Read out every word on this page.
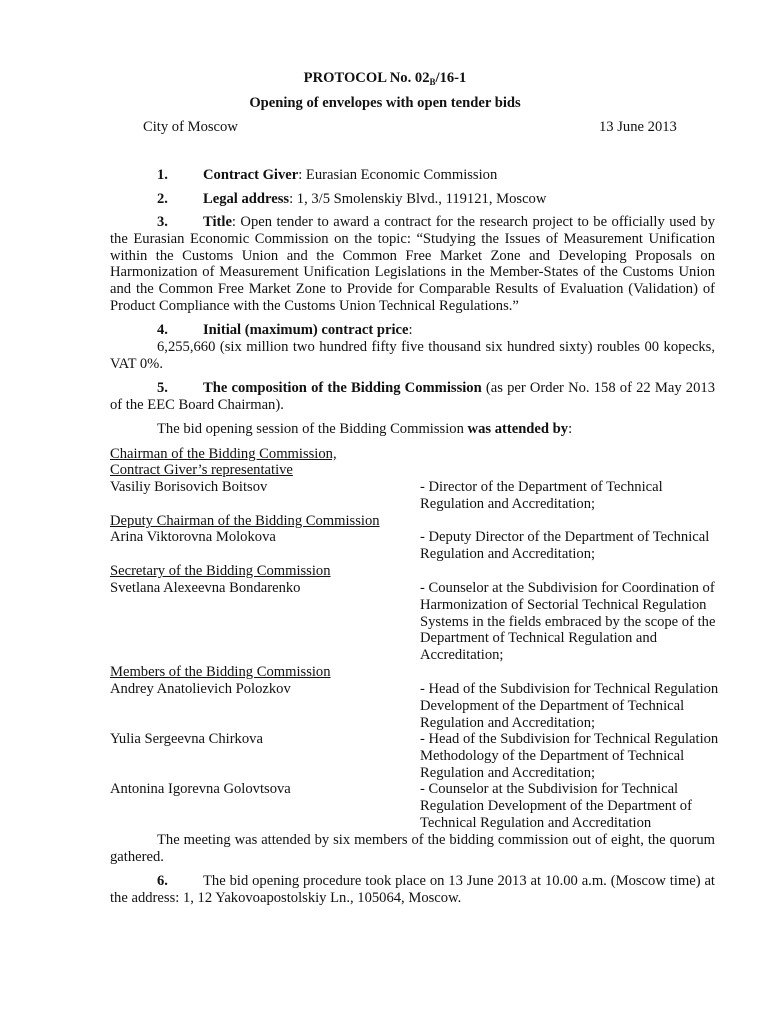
PROTOCOL No. $02_B/16-1$
Opening of envelopes with open tender bids
City of Moscow	13 June 2013
1. Contract Giver: Eurasian Economic Commission
2. Legal address: 1, 3/5 Smolenskiy Blvd., 119121, Moscow
3. Title: Open tender to award a contract for the research project to be officially used by the Eurasian Economic Commission on the topic: “Studying the Issues of Measurement Unification within the Customs Union and the Common Free Market Zone and Developing Proposals on Harmonization of Measurement Unification Legislations in the Member-States of the Customs Union and the Common Free Market Zone to Provide for Comparable Results of Evaluation (Validation) of Product Compliance with the Customs Union Technical Regulations.”
4. Initial (maximum) contract price:
6,255,660 (six million two hundred fifty five thousand six hundred sixty) roubles 00 kopecks, VAT 0%.
5. The composition of the Bidding Commission (as per Order No. 158 of 22 May 2013 of the EEC Board Chairman).
The bid opening session of the Bidding Commission was attended by:
Chairman of the Bidding Commission,
Contract Giver’s representative
Vasiliy Borisovich Boitsov	- Director of the Department of Technical Regulation and Accreditation;
Deputy Chairman of the Bidding Commission
Arina Viktorovna Molokova	- Deputy Director of the Department of Technical Regulation and Accreditation;
Secretary of the Bidding Commission
Svetlana Alexeevna Bondarenko	- Counselor at the Subdivision for Coordination of Harmonization of Sectorial Technical Regulation Systems in the fields embraced by the scope of the Department of Technical Regulation and Accreditation;
Members of the Bidding Commission
Andrey Anatolievich Polozkov	- Head of the Subdivision for Technical Regulation Development of the Department of Technical Regulation and Accreditation;
Yulia Sergeevna Chirkova	- Head of the Subdivision for Technical Regulation Methodology of the Department of Technical Regulation and Accreditation;
Antonina Igorevna Golovtsova	- Counselor at the Subdivision for Technical Regulation Development of the Department of Technical Regulation and Accreditation
The meeting was attended by six members of the bidding commission out of eight, the quorum gathered.
6. The bid opening procedure took place on 13 June 2013 at 10.00 a.m. (Moscow time) at the address: 1, 12 Yakovoapostolskiy Ln., 105064, Moscow.
